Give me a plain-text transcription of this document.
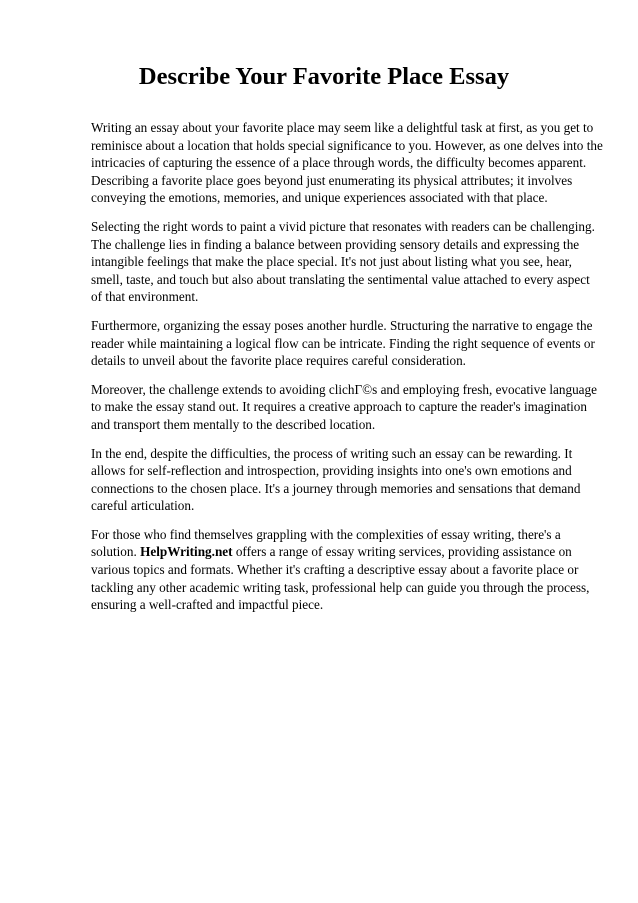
Describe Your Favorite Place Essay

Writing an essay about your favorite place may seem like a delightful task at first, as you get to
reminisce about a location that holds special significance to you. However, as one delves into the
intricacies of capturing the essence of a place through words, the difficulty becomes apparent.
Describing a favorite place goes beyond just enumerating its physical attributes; it involves
conveying the emotions, memories, and unique experiences associated with that place.

Selecting the right words to paint a vivid picture that resonates with readers can be challenging.
The challenge lies in finding a balance between providing sensory details and expressing the
intangible feelings that make the place special. It's not just about listing what you see, hear,
smell, taste, and touch but also about translating the sentimental value attached to every aspect
of that environment.

Furthermore, organizing the essay poses another hurdle. Structuring the narrative to engage the
reader while maintaining a logical flow can be intricate. Finding the right sequence of events or
details to unveil about the favorite place requires careful consideration.

Moreover, the challenge extends to avoiding clichΓ©s and employing fresh, evocative language
to make the essay stand out. It requires a creative approach to capture the reader's imagination
and transport them mentally to the described location.

In the end, despite the difficulties, the process of writing such an essay can be rewarding. It
allows for self-reflection and introspection, providing insights into one's own emotions and
connections to the chosen place. It's a journey through memories and sensations that demand
careful articulation.

For those who find themselves grappling with the complexities of essay writing, there's a
solution. HelpWriting.net offers a range of essay writing services, providing assistance on
various topics and formats. Whether it's crafting a descriptive essay about a favorite place or
tackling any other academic writing task, professional help can guide you through the process,
ensuring a well-crafted and impactful piece.
